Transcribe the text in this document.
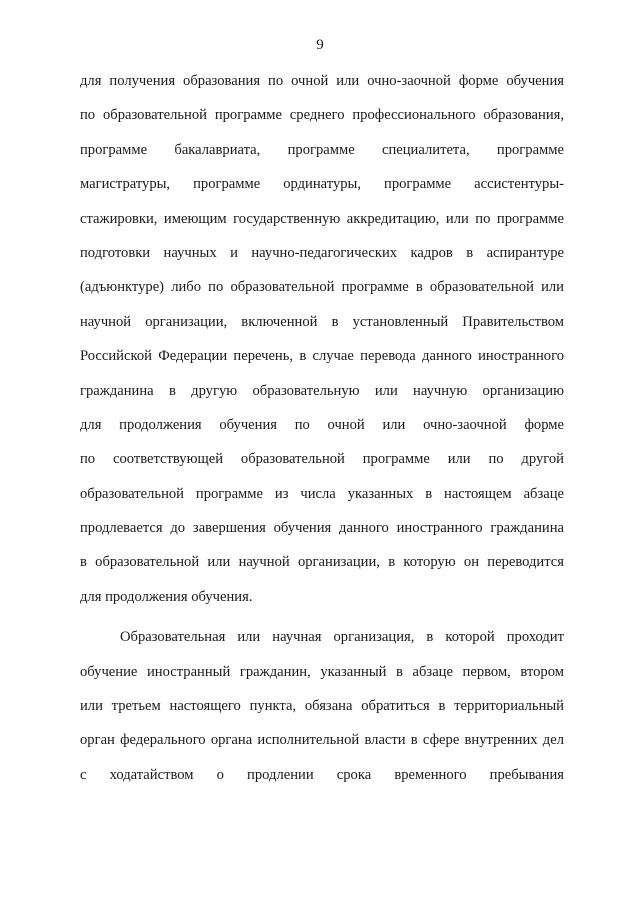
9
для получения образования по очной или очно-заочной форме обучения
по образовательной программе среднего профессионального образования,
программе бакалавриата, программе специалитета, программе
магистратуры, программе ординатуры, программе ассистентуры-
стажировки, имеющим государственную аккредитацию, или по программе
подготовки научных и научно-педагогических кадров в аспирантуре
(адъюнктуре) либо по образовательной программе в образовательной или
научной организации, включенной в установленный Правительством
Российской Федерации перечень, в случае перевода данного иностранного
гражданина в другую образовательную или научную организацию
для продолжения обучения по очной или очно-заочной форме
по соответствующей образовательной программе или по другой
образовательной программе из числа указанных в настоящем абзаце
продлевается до завершения обучения данного иностранного гражданина
в образовательной или научной организации, в которую он переводится
для продолжения обучения.
Образовательная или научная организация, в которой проходит
обучение иностранный гражданин, указанный в абзаце первом, втором
или третьем настоящего пункта, обязана обратиться в территориальный
орган федерального органа исполнительной власти в сфере внутренних дел
с ходатайством о продлении срока временного пребывания
